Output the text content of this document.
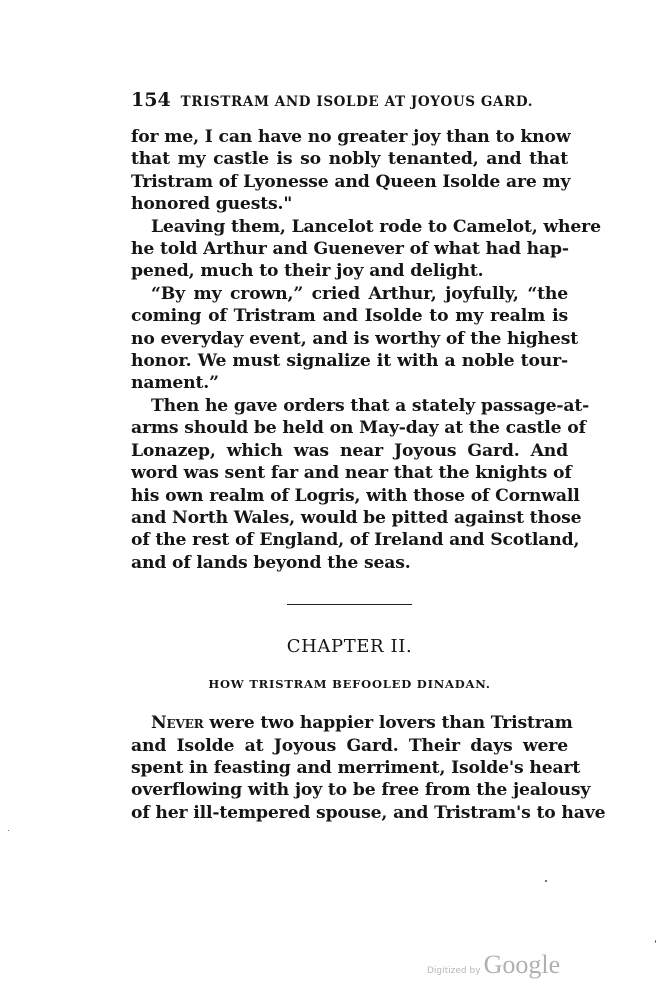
154 TRISTRAM AND ISOLDE AT JOYOUS GARD.

for me, I can have no greater joy than to know
that my castle is so nobly tenanted, and that
Tristram of Lyonesse and Queen Isolde are my
honored guests."

Leaving them, Lancelot rode to Camelot, where
he told Arthur and Guenever of what had hap-
pened, much to their joy and delight.

“By my crown,” cried Arthur, joyfully, “the
coming of Tristram and Isolde to my realm is
no everyday event, and is worthy of the highest
honor. We must signalize it with a noble tour-
nament.”

Then he gave orders that a stately passage-at-
arms should be held on May-day at the castle of
Lonazep, which was near Joyous Gard. And
word was sent far and near that the knights of
his own realm of Logris, with those of Cornwall
and North Wales, would be pitted against those
of the rest of England, of Ireland and Scotland,
and of lands beyond the seas.

CHAPTER II.
HOW TRISTRAM BEFOOLED DINADAN.

Never were two happier lovers than Tristram
and Isolde at Joyous Gard. Their days were
spent in feasting and merriment, Isolde's heart
overflowing with joy to be free from the jealousy
of her ill-tempered spouse, and Tristram's to have

Digitized by Google
